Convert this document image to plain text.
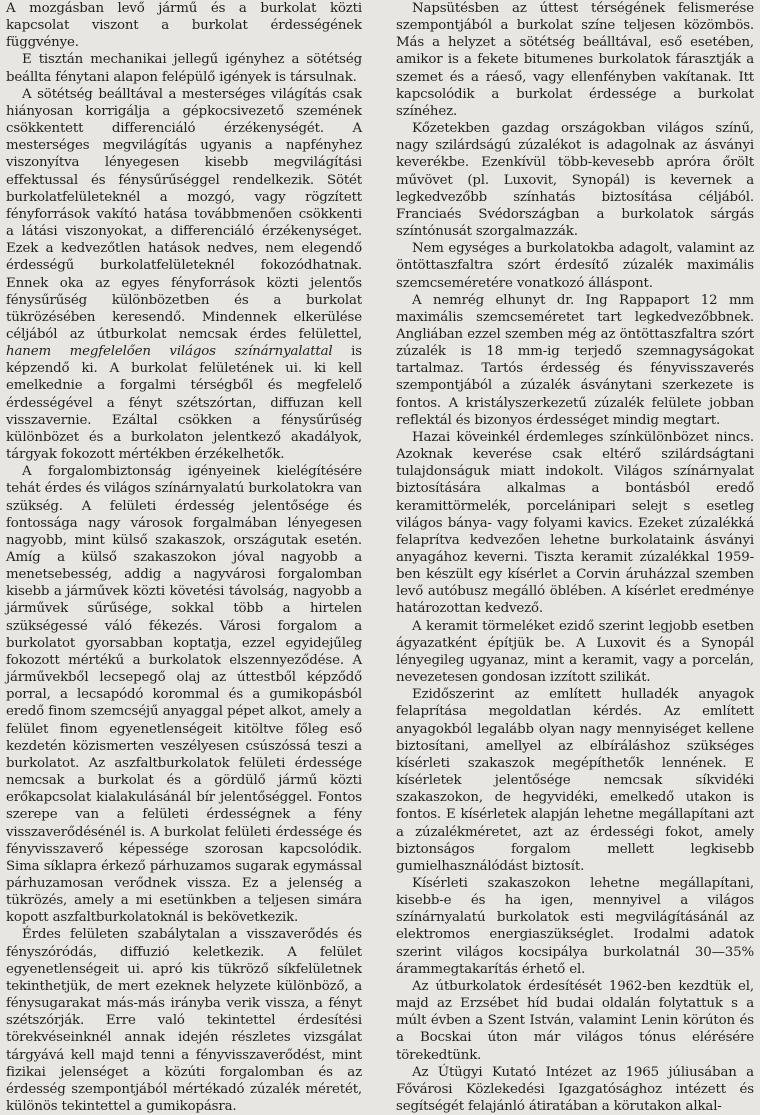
A mozgásban levő jármű és a burkolat közti kapcsolat viszont a burkolat érdességének függvénye.

E tisztán mechanikai jellegű igényhez a sötétség beállta fénytani alapon felépülő igények is társulnak.

A sötétség beálltával a mesterséges világítás csak hiányosan korrigálja a gépkocsivezető szemének csökkentett differenciáló érzékenységét. A mesterséges megvilágítás ugyanis a napfényhez viszonyítva lényegesen kisebb megvilágítási effektussal és fénysűrűséggel rendelkezik. Sötét burkolatfelületeknél a mozgó, vagy rögzített fényforrások vakító hatása továbbmenően csökkenti a látási viszonyokat, a differenciáló érzékenységet. Ezek a kedvezőtlen hatások nedves, nem elegendő érdességű burkolatfelületeknél fokozódhatnak. Ennek oka az egyes fényforrások közti jelentős fénysűrűség különbözetben és a burkolat tükrözésében keresendő. Mindennek elkerülése céljából az útburkolat nemcsak érdes felülettel, hanem megfelelően világos színárnyalattal is képzendő ki. A burkolat felületének ui. ki kell emelkednie a forgalmi térségből és megfelelő érdességével a fényt szétszórtan, diffuzan kell visszavernie. Ezáltal csökken a fénysűrűség különbözet és a burkolaton jelentkező akadályok, tárgyak fokozott mértékben érzékelhetők.

A forgalombiztonság igényeinek kielégítésére tehát érdes és világos színárnyalatú burkolatokra van szükség. A felületi érdesség jelentősége és fontossága nagy városok forgalmában lényegesen nagyobb, mint külső szakaszok, országutak esetén. Amíg a külső szakaszokon jóval nagyobb a menetsebesség, addig a nagyvárosi forgalomban kisebb a járművek közti követési távolság, nagyobb a járművek sűrűsége, sokkal több a hirtelen szükségessé váló fékezés. Városi forgalom a burkolatot gyorsabban koptatja, ezzel egyidejűleg fokozott mértékű a burkolatok elszennyeződése. A járművekből lecsepegő olaj az úttestből képződő porral, a lecsapódó korommal és a gumikopásból eredő finom szemcséjű anyaggal pépet alkot, amely a felület finom egyenetlenségeit kitöltve főleg eső kezdetén közismerten veszélyesen csúszóssá teszi a burkolatot. Az aszfaltburkolatok felületi érdessége nemcsak a burkolat és a gördülő jármű közti erőkapcsolat kialakulásánál bír jelentőséggel. Fontos szerepe van a felületi érdességnek a fény visszaverődésénél is. A burkolat felületi érdessége és fényvisszaverő képessége szorosan kapcsolódik. Sima síklapra érkező párhuzamos sugarak egymással párhuzamosan verődnek vissza. Ez a jelenség a tükrözés, amely a mi esetünkben a teljesen simára kopott aszfaltburkolatoknál is bekövetkezik.

Érdes felületen szabálytalan a visszaverődés és fényszóródás, diffuzió keletkezik. A felület egyenetlenségeit ui. apró kis tükröző síkfelületnek tekinthetjük, de mert ezeknek helyzete különböző, a fénysugarakat más-más irányba verik vissza, a fényt szétszórják. Erre való tekintettel érdesítési törekvéseinknél annak idején részletes vizsgálat tárgyává kell majd tenni a fényvisszaverődést, mint fizikai jelenséget a közúti forgalomban és az érdesség szempontjából mértékadó zúzalék méretét, különös tekintettel a gumikopásra.

Napsütésben az úttest térségének felismerése szempontjából a burkolat színe teljesen közömbös. Más a helyzet a sötétség beálltával, eső esetében, amikor is a fekete bitumenes burkolatok fárasztják a szemet és a ráeső, vagy ellenfényben vakítanak. Itt kapcsolódik a burkolat érdessége a burkolat színéhez.

Kőzetekben gazdag országokban világos színű, nagy szilárdságú zúzalékot is adagolnak az ásványi keverékbe. Ezenkívül több-kevesebb apróra őrölt művövet (pl. Luxovit, Synopál) is kevernek a legkedvezőbb színhatás biztosítása céljából. Franciaés Svédországban a burkolatok sárgás színtónusát szorgalmazzák.

Nem egységes a burkolatokba adagolt, valamint az öntöttaszfaltra szórt érdesítő zúzalék maximális szemcseméretére vonatkozó álláspont.

A nemrég elhunyt dr. Ing Rappaport 12 mm maximális szemcseméretet tart legkedvezőbbnek. Angliában ezzel szemben még az öntöttaszfaltra szórt zúzalék is 18 mm-ig terjedő szemnagyságokat tartalmaz. Tartós érdesség és fényvisszaverés szempontjából a zúzalék ásványtani szerkezete is fontos. A kristályszerkezetű zúzalék felülete jobban reflektál és bizonyos érdességet mindig megtart.

Hazai köveinkél érdemleges színkülönbözet nincs. Azoknak keverése csak eltérő szilárdságtani tulajdonságuk miatt indokolt. Világos színárnyalat biztosítására alkalmas a bontásból eredő keramittörmelék, porcelánipari selejt s esetleg világos bánya- vagy folyami kavics. Ezeket zúzalékká felaprítva kedvezően lehetne burkolataink ásványi anyagához keverni. Tiszta keramit zúzalékkal 1959-ben készült egy kísérlet a Corvin áruházzal szemben levő autóbusz megálló öblében. A kísérlet eredménye határozottan kedvező.

A keramit törmeléket ezidő szerint legjobb esetben ágyazatként építjük be. A Luxovit és a Synopál lényegileg ugyanaz, mint a keramit, vagy a porcelán, nevezetesen gondosan izzított szilikát.

Ezidőszerint az említett hulladék anyagok felaprítása megoldatlan kérdés. Az említett anyagokból legalább olyan nagy mennyiséget kellene biztosítani, amellyel az elbíráláshoz szükséges kísérleti szakaszok megépíthetők lennének. E kísérletek jelentősége nemcsak síkvidéki szakaszokon, de hegyvidéki, emelkedő utakon is fontos. E kísérletek alapján lehetne megállapítani azt a zúzalékméretet, azt az érdességi fokot, amely biztonságos forgalom mellett legkisebb gumielhasználódást biztosít.

Kísérleti szakaszokon lehetne megállapítani, kisebb-e és ha igen, mennyivel a világos színárnyalatú burkolatok esti megvilágításánál az elektromos energiaszükséglet. Irodalmi adatok szerint világos kocsipálya burkolatnál 30—35% árammegtakarítás érhető el.

Az útburkolatok érdesítését 1962-ben kezdtük el, majd az Erzsébet híd budai oldalán folytattuk s a múlt évben a Szent István, valamint Lenin körúton és a Bocskai úton már világos tónus elérésére törekedtünk.

Az Útügyi Kutató Intézet az 1965 júliusában a Fővárosi Közlekedési Igazgatósághoz intézett és segítségét felajánló átiratában a körutakon alkal-
